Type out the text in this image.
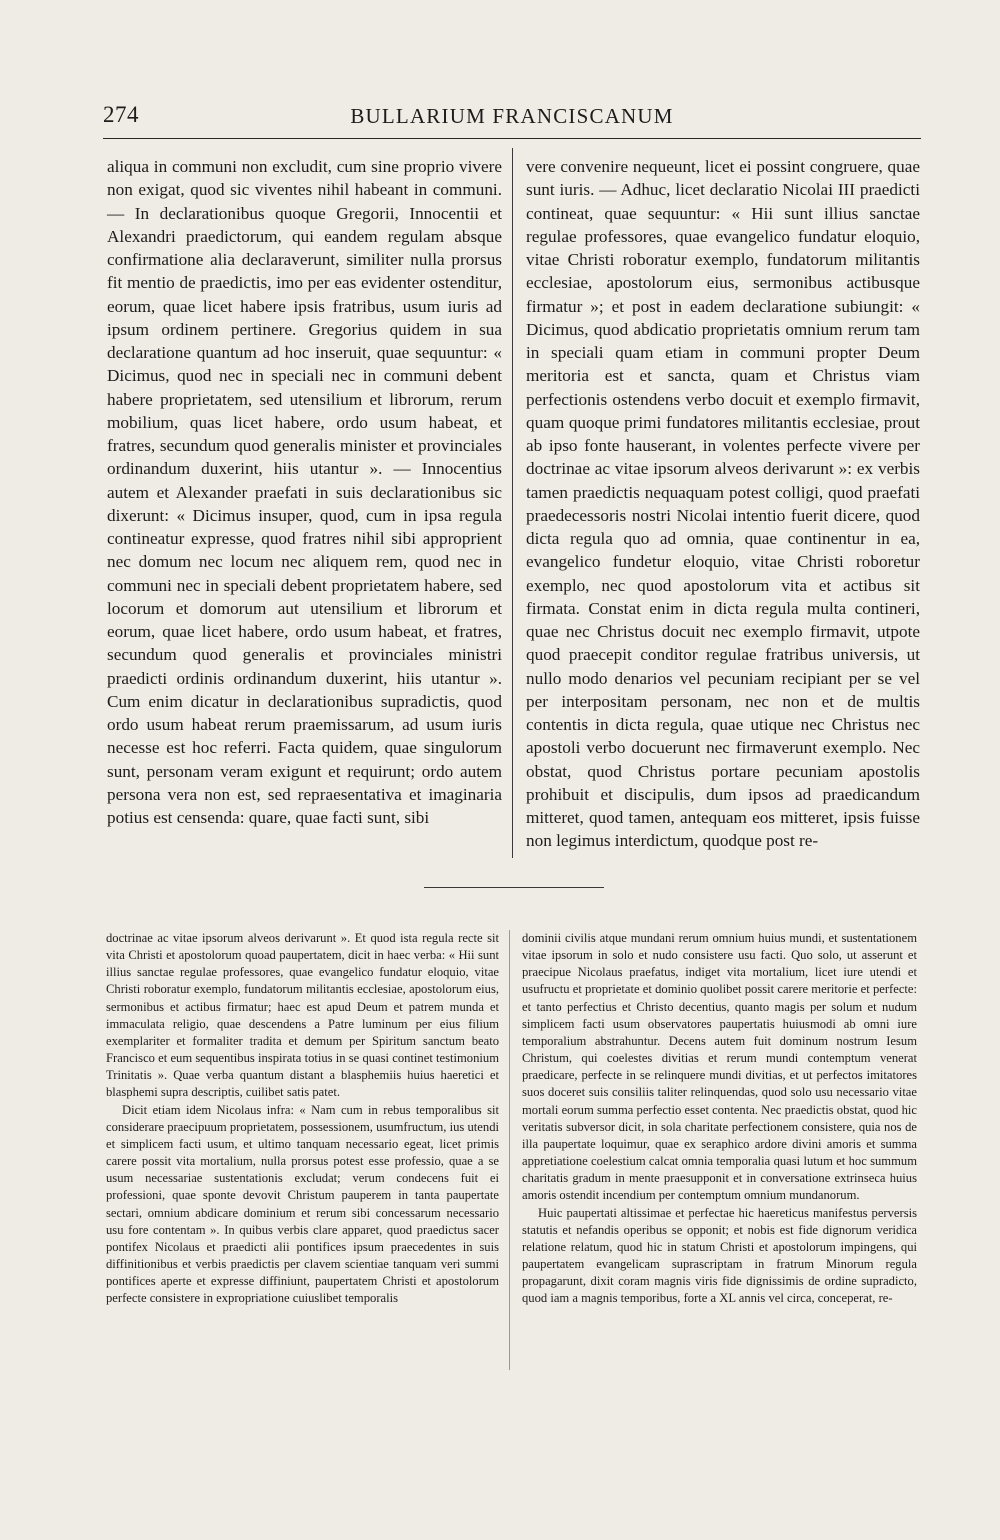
274	BULLARIUM FRANCISCANUM

aliqua in communi non excludit, cum sine proprio vivere non exigat, quod sic viventes nihil habeant in communi. — In declarationibus quoque Gregorii, Innocentii et Alexandri praedictorum, qui eandem regulam absque confirmatione alia declaraverunt, similiter nulla prorsus fit mentio de praedictis, imo per eas evidenter ostenditur, eorum, quae licet habere ipsis fratribus, usum iuris ad ipsum ordinem pertinere. Gregorius quidem in sua declaratione quantum ad hoc inseruit, quae sequuntur: « Dicimus, quod nec in speciali nec in communi debent habere proprietatem, sed utensilium et librorum, rerum mobilium, quas licet habere, ordo usum habeat, et fratres, secundum quod generalis minister et provinciales ordinandum duxerint, hiis utantur ». — Innocentius autem et Alexander praefati in suis declarationibus sic dixerunt: « Dicimus insuper, quod, cum in ipsa regula contineatur expresse, quod fratres nihil sibi approprient nec domum nec locum nec aliquem rem, quod nec in communi nec in speciali debent proprietatem habere, sed locorum et domorum aut utensilium et librorum et eorum, quae licet habere, ordo usum habeat, et fratres, secundum quod generalis et provinciales ministri praedicti ordinis ordinandum duxerint, hiis utantur ». Cum enim dicatur in declarationibus supradictis, quod ordo usum habeat rerum praemissarum, ad usum iuris necesse est hoc referri. Facta quidem, quae singulorum sunt, personam veram exigunt et requirunt; ordo autem persona vera non est, sed repraesentativa et imaginaria potius est censenda: quare, quae facti sunt, sibi

vere convenire nequeunt, licet ei possint congruere, quae sunt iuris. — Adhuc, licet declaratio Nicolai III praedicti contineat, quae sequuntur: « Hii sunt illius sanctae regulae professores, quae evangelico fundatur eloquio, vitae Christi roboratur exemplo, fundatorum militantis ecclesiae, apostolorum eius, sermonibus actibusque firmatur »; et post in eadem declaratione subiungit: « Dicimus, quod abdicatio proprietatis omnium rerum tam in speciali quam etiam in communi propter Deum meritoria est et sancta, quam et Christus viam perfectionis ostendens verbo docuit et exemplo firmavit, quam quoque primi fundatores militantis ecclesiae, prout ab ipso fonte hauserant, in volentes perfecte vivere per doctrinae ac vitae ipsorum alveos derivarunt »: ex verbis tamen praedictis nequaquam potest colligi, quod praefati praedecessoris nostri Nicolai intentio fuerit dicere, quod dicta regula quo ad omnia, quae continentur in ea, evangelico fundetur eloquio, vitae Christi roboretur exemplo, nec quod apostolorum vita et actibus sit firmata. Constat enim in dicta regula multa contineri, quae nec Christus docuit nec exemplo firmavit, utpote quod praecepit conditor regulae fratribus universis, ut nullo modo denarios vel pecuniam recipiant per se vel per interpositam personam, nec non et de multis contentis in dicta regula, quae utique nec Christus nec apostoli verbo docuerunt nec firmaverunt exemplo. Nec obstat, quod Christus portare pecuniam apostolis prohibuit et discipulis, dum ipsos ad praedicandum mitteret, quod tamen, antequam eos mitteret, ipsis fuisse non legimus interdictum, quodque post re-

doctrinae ac vitae ipsorum alveos derivarunt ». Et quod ista regula recte sit vita Christi et apostolorum quoad paupertatem, dicit in haec verba: « Hii sunt illius sanctae regulae professores, quae evangelico fundatur eloquio, vitae Christi roboratur exemplo, fundatorum militantis ecclesiae, apostolorum eius, sermonibus et actibus firmatur; haec est apud Deum et patrem munda et immaculata religio, quae descendens a Patre luminum per eius filium exemplariter et formaliter tradita et demum per Spiritum sanctum beato Francisco et eum sequentibus inspirata totius in se quasi continet testimonium Trinitatis ». Quae verba quantum distant a blasphemiis huius haeretici et blasphemi supra descriptis, cuilibet satis patet.

Dicit etiam idem Nicolaus infra: « Nam cum in rebus temporalibus sit considerare praecipuum proprietatem, possessionem, usumfructum, ius utendi et simplicem facti usum, et ultimo tanquam necessario egeat, licet primis carere possit vita mortalium, nulla prorsus potest esse professio, quae a se usum necessariae sustentationis excludat; verum condecens fuit ei professioni, quae sponte devovit Christum pauperem in tanta paupertate sectari, omnium abdicare dominium et rerum sibi concessarum necessario usu fore contentam ». In quibus verbis clare apparet, quod praedictus sacer pontifex Nicolaus et praedicti alii pontifices ipsum praecedentes in suis diffinitionibus et verbis praedictis per clavem scientiae tanquam veri summi pontifices aperte et expresse diffiniunt, paupertatem Christi et apostolorum perfecte consistere in expropriatione cuiuslibet temporalis

dominii civilis atque mundani rerum omnium huius mundi, et sustentationem vitae ipsorum in solo et nudo consistere usu facti. Quo solo, ut asserunt et praecipue Nicolaus praefatus, indiget vita mortalium, licet iure utendi et usufructu et proprietate et dominio quolibet possit carere meritorie et perfecte: et tanto perfectius et Christo decentius, quanto magis per solum et nudum simplicem facti usum observatores paupertatis huiusmodi ab omni iure temporalium abstrahuntur. Decens autem fuit dominum nostrum Iesum Christum, qui coelestes divitias et rerum mundi contemptum venerat praedicare, perfecte in se relinquere mundi divitias, et ut perfectos imitatores suos doceret suis consiliis taliter relinquendas, quod solo usu necessario vitae mortali eorum summa perfectio esset contenta. Nec praedictis obstat, quod hic veritatis subversor dicit, in sola charitate perfectionem consistere, quia nos de illa paupertate loquimur, quae ex seraphico ardore divini amoris et summa appretiatione coelestium calcat omnia temporalia quasi lutum et hoc summum charitatis gradum in mente praesupponit et in conversatione extrinseca huius amoris ostendit incendium per contemptum omnium mundanorum.

Huic paupertati altissimae et perfectae hic haereticus manifestus perversis statutis et nefandis operibus se opponit; et nobis est fide dignorum veridica relatione relatum, quod hic in statum Christi et apostolorum impingens, qui paupertatem evangelicam suprascriptam in fratrum Minorum regula propagarunt, dixit coram magnis viris fide dignissimis de ordine supradicto, quod iam a magnis temporibus, forte a XL annis vel circa, conceperat, re-
